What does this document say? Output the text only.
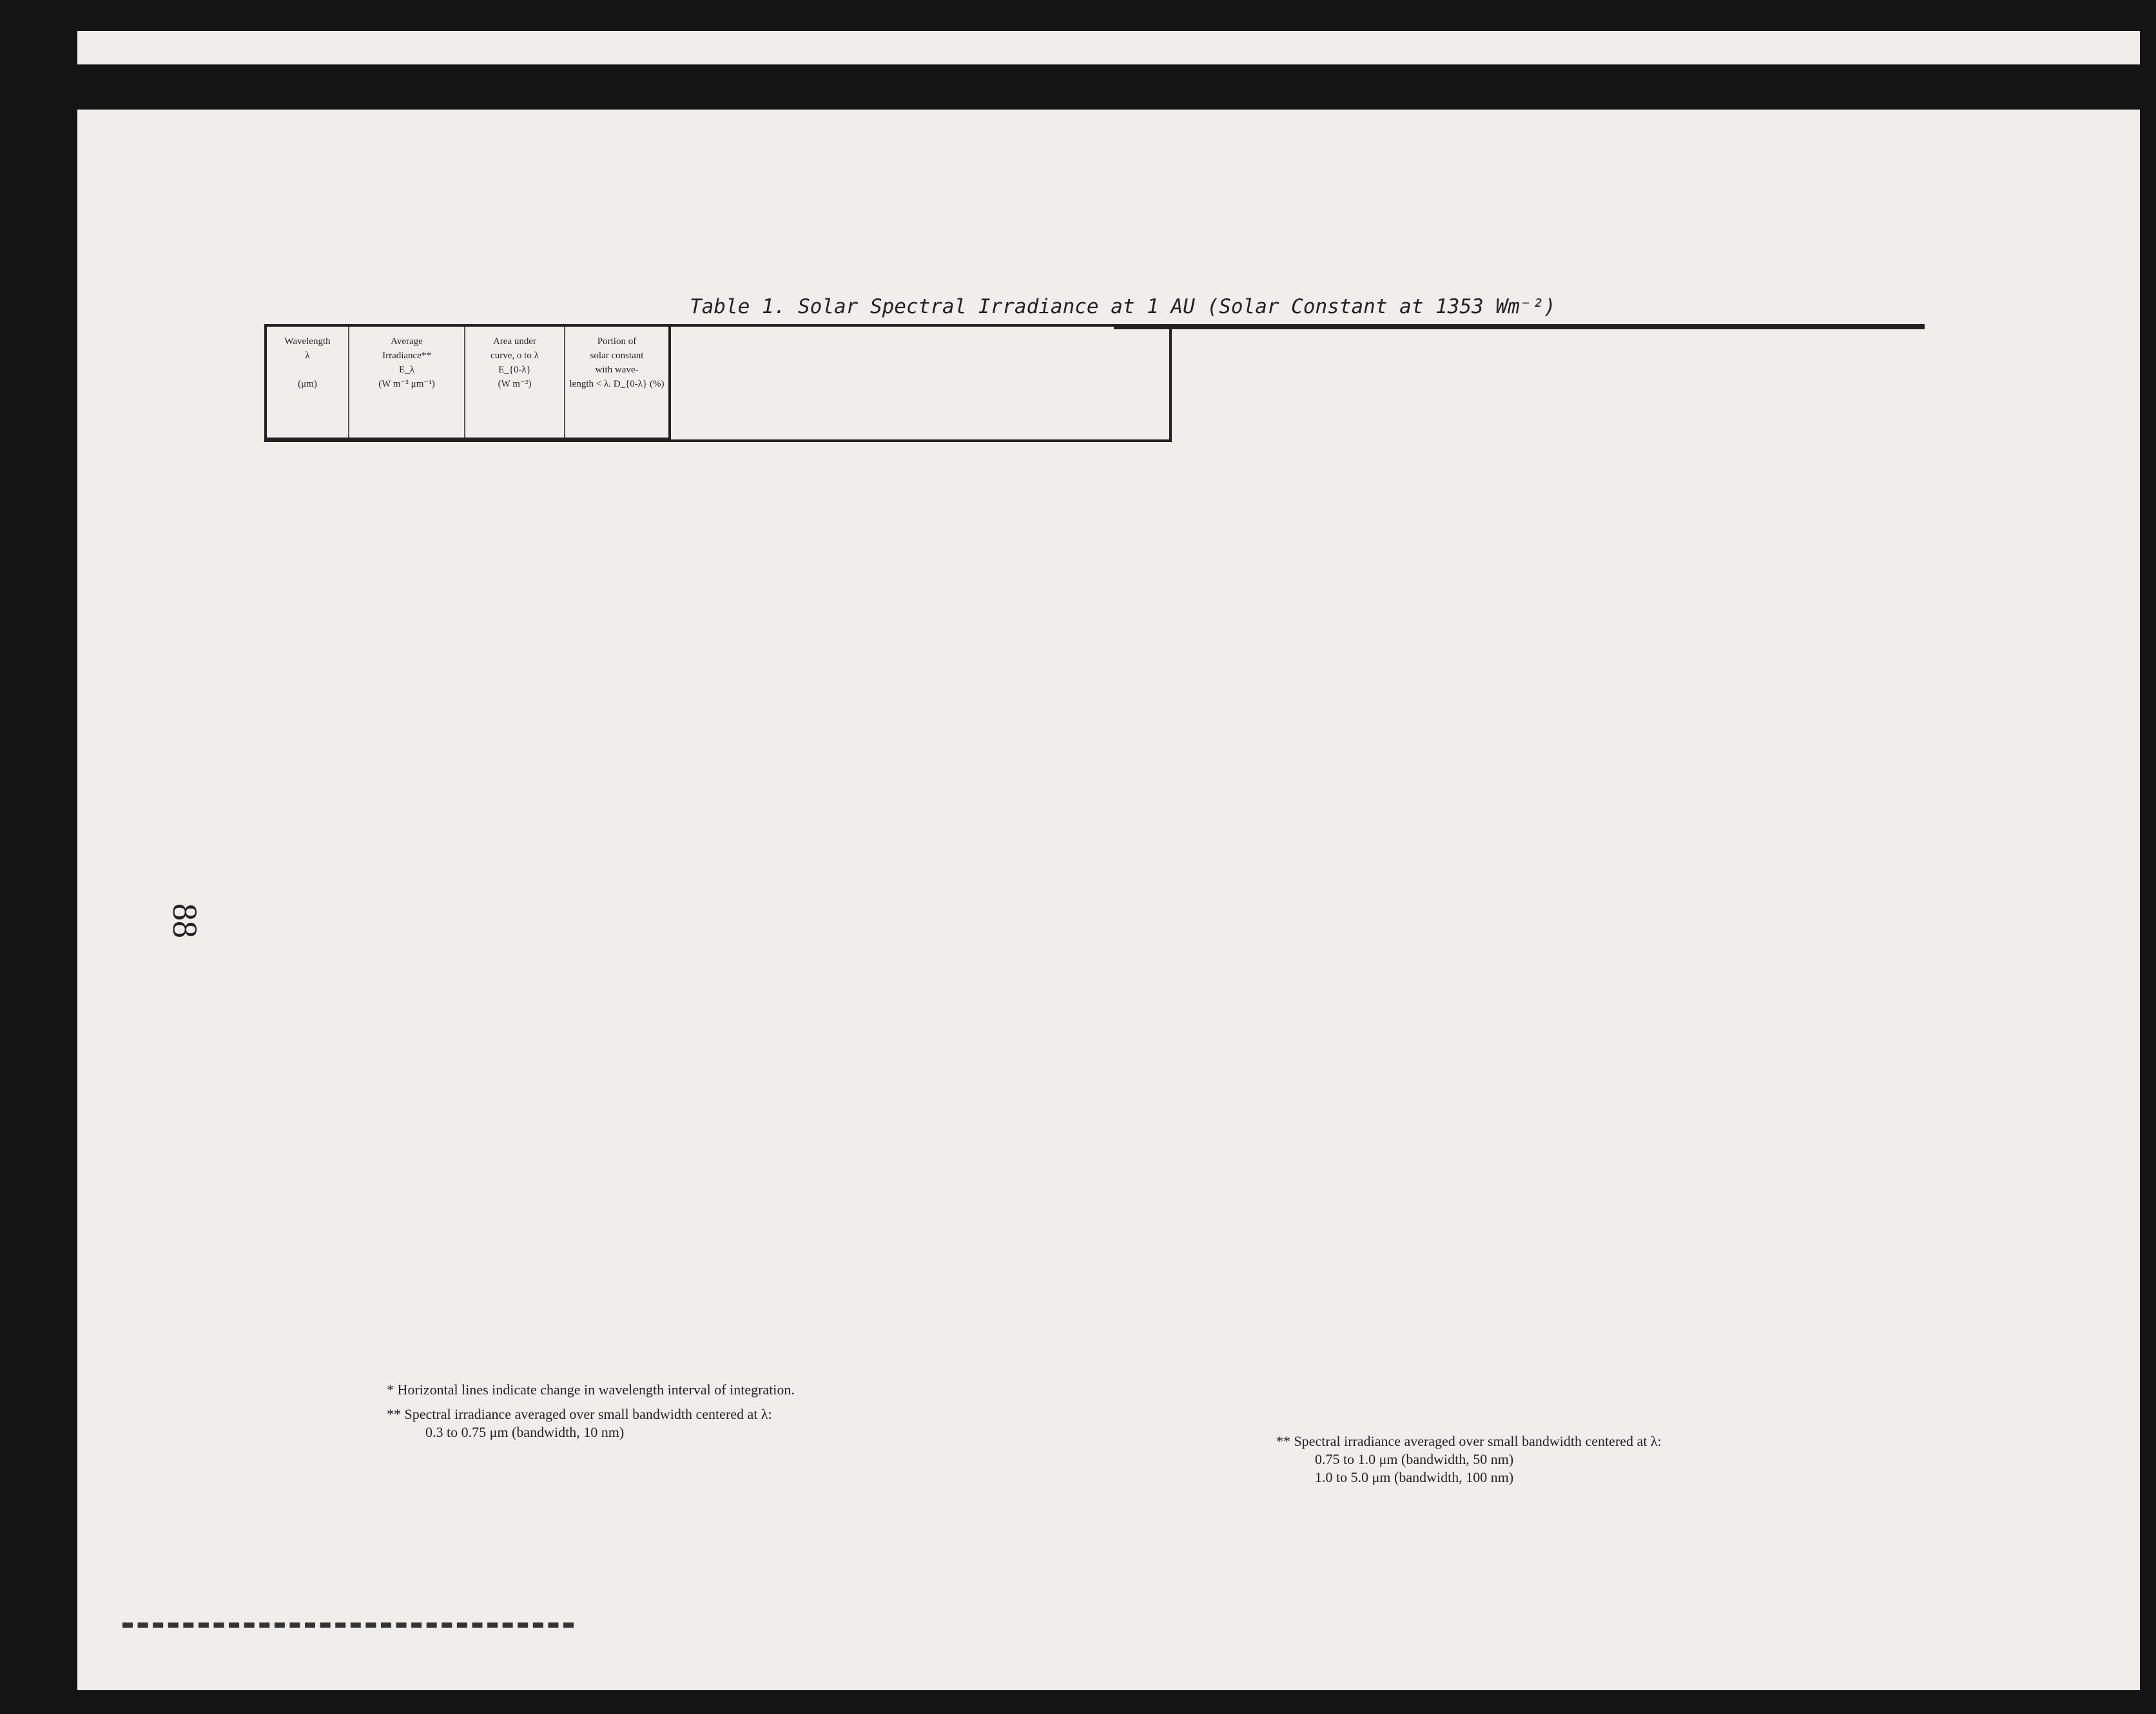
Table 1. Solar Spectral Irradiance at 1 AU (Solar Constant at 1353 Wm⁻²)
88
Wavelength
λ

(μm)
Average
Irradiance**
E_λ
(W m⁻² μm⁻¹)
Area under
curve, o to λ
E_{0-λ}
(W m⁻²)
Portion of
solar constant
with wave-
length < λ. D_{0-λ} (%)
* Horizontal lines indicate change in wavelength interval of integration.
** Spectral irradiance averaged over small bandwidth centered at λ:
0.3 to 0.75 μm (bandwidth, 10 nm)
** Spectral irradiance averaged over small bandwidth centered at λ:
0.75 to 1.0 μm (bandwidth, 50 nm)
1.0 to 5.0 μm (bandwidth, 100 nm)
